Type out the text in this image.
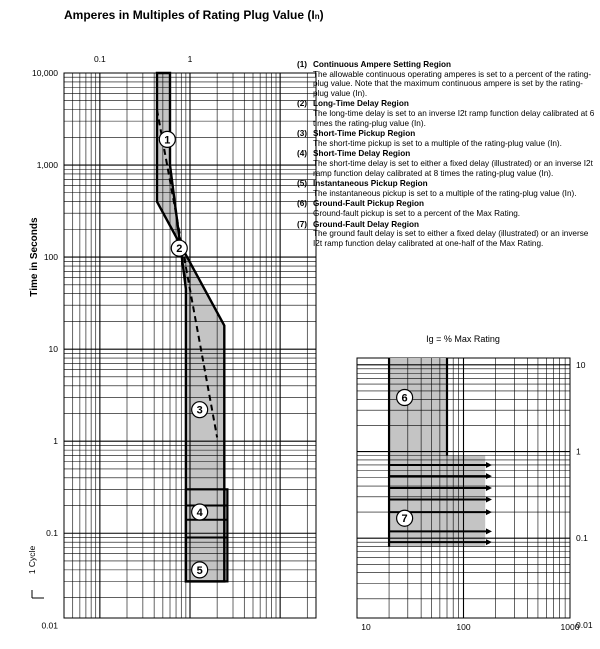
Amperes in Multiples of Rating Plug Value (In)
1
2
3
4
5
0.1	1
10,000
1,000
100
10
1
0.1
0.01
Time in Seconds
1 Cycle
Ig = % Max Rating
6
7
10	100	1000
10
1
0.1
0.01
(1) Continuous Ampere Setting Region
The allowable continuous operating amperes is set to a percent of the rating-plug value. Note that the maximum continuous ampere is set by the rating-plug value (In).
(2) Long-Time Delay Region
The long-time delay is set to an inverse I2t ramp function delay calibrated at 6 times the rating-plug value (In).
(3) Short-Time Pickup Region
The short-time pickup is set to a multiple of the rating-plug value (In).
(4) Short-Time Delay Region
The short-time delay is set to either a fixed delay (illustrated) or an inverse I2t ramp function delay calibrated at 8 times the rating-plug value (In).
(5) Instantaneous Pickup Region
The instantaneous pickup is set to a multiple of the rating-plug value (In).
(6) Ground-Fault Pickup Region
Ground-fault pickup is set to a percent of the Max Rating.
(7) Ground-Fault Delay Region
The ground fault delay is set to either a fixed delay (illustrated) or an inverse I2t ramp function delay calibrated at one-half of the Max Rating.
